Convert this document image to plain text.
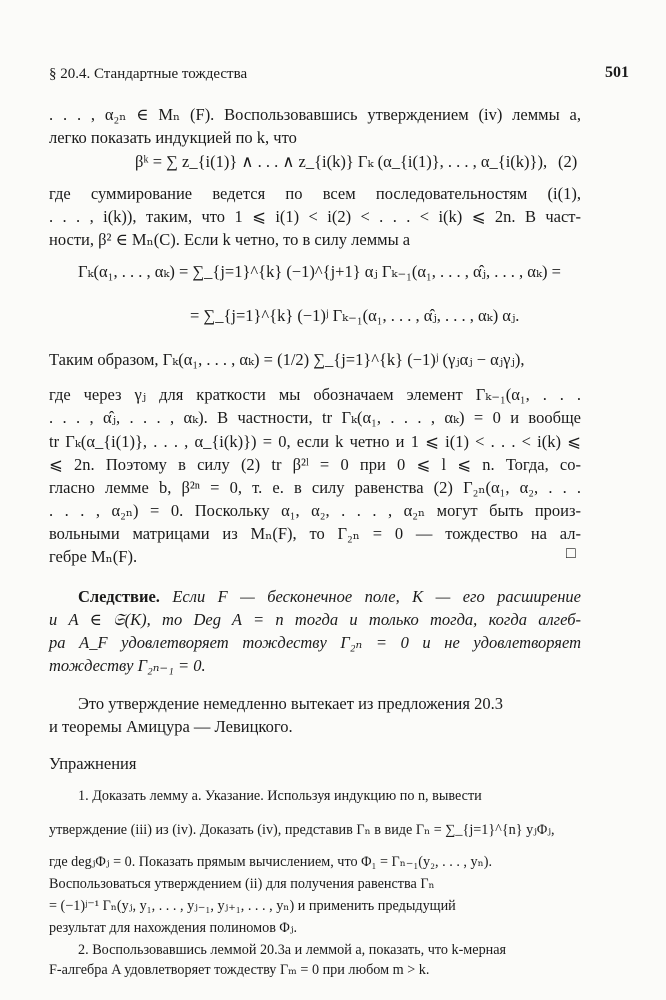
§ 20.4. Стандартные тождества	501
. . . , α₂ₙ ∈ Mₙ (F). Воспользовавшись утверждением (iv) леммы a,
легко показать индукцией по k, что
βᵏ = ∑ z_{i(1)} ∧ . . . ∧ z_{i(k)} Γₖ (α_{i(1)}, . . . , α_{i(k)}), (2)
где суммирование ведется по всем последовательностям (i(1),
. . . , i(k)), таким, что 1 ⩽ i(1) < i(2) < . . . < i(k) ⩽ 2n. В част-
ности, β² ∈ Mₙ(C). Если k четно, то в силу леммы a
Γₖ(α₁, . . . , αₖ) = ∑_{j=1}^{k} (−1)^{j+1} αⱼ Γₖ₋₁(α₁, . . . , α̂ⱼ, . . . , αₖ) =
= ∑_{j=1}^{k} (−1)ʲ Γₖ₋₁(α₁, . . . , α̂ⱼ, . . . , αₖ) αⱼ.
Таким образом, Γₖ(α₁, . . . , αₖ) = (1/2) ∑_{j=1}^{k} (−1)ʲ (γⱼαⱼ − αⱼγⱼ),
где через γⱼ для краткости мы обозначаем элемент Γₖ₋₁(α₁, . . .
. . . , α̂ⱼ, . . . , αₖ). В частности, tr Γₖ(α₁, . . . , αₖ) = 0 и вообще
tr Γₖ(α_{i(1)}, . . . , α_{i(k)}) = 0, если k четно и 1 ⩽ i(1) < . . . < i(k) ⩽
⩽ 2n. Поэтому в силу (2) tr β²ˡ = 0 при 0 ⩽ l ⩽ n. Тогда, со-
гласно лемме b, β²ⁿ = 0, т. е. в силу равенства (2) Γ₂ₙ(α₁, α₂, . . .
. . . , α₂ₙ) = 0. Поскольку α₁, α₂, . . . , α₂ₙ могут быть произ-
вольными матрицами из Mₙ(F), то Γ₂ₙ = 0 — тождество на ал-
гебре Mₙ(F).	□
Следствие. Если F — бесконечное поле, K — его расширение
и A ∈ 𝔖(K), то Deg A = n тогда и только тогда, когда алгеб-
ра A_F удовлетворяет тождеству Γ₂ₙ = 0 и не удовлетворяет
тождеству Γ₂ₙ₋₁ = 0.
Это утверждение немедленно вытекает из предложения 20.3
и теоремы Амицура — Левицкого.
Упражнения
1. Доказать лемму a. Указание. Используя индукцию по n, вывести
утверждение (iii) из (iv). Доказать (iv), представив Γₙ в виде Γₙ = ∑_{j=1}^{n} yⱼΦⱼ,
где degⱼΦⱼ = 0. Показать прямым вычислением, что Φ₁ = Γₙ₋₁(y₂, . . . , yₙ).
Воспользоваться утверждением (ii) для получения равенства Γₙ
= (−1)ʲ⁻¹ Γₙ(yⱼ, y₁, . . . , yⱼ₋₁, yⱼ₊₁, . . . , yₙ) и применить предыдущий
результат для нахождения полиномов Φⱼ.
2. Воспользовавшись леммой 20.3a и леммой a, показать, что k-мерная
F-алгебра A удовлетворяет тождеству Γₘ = 0 при любом m > k.
